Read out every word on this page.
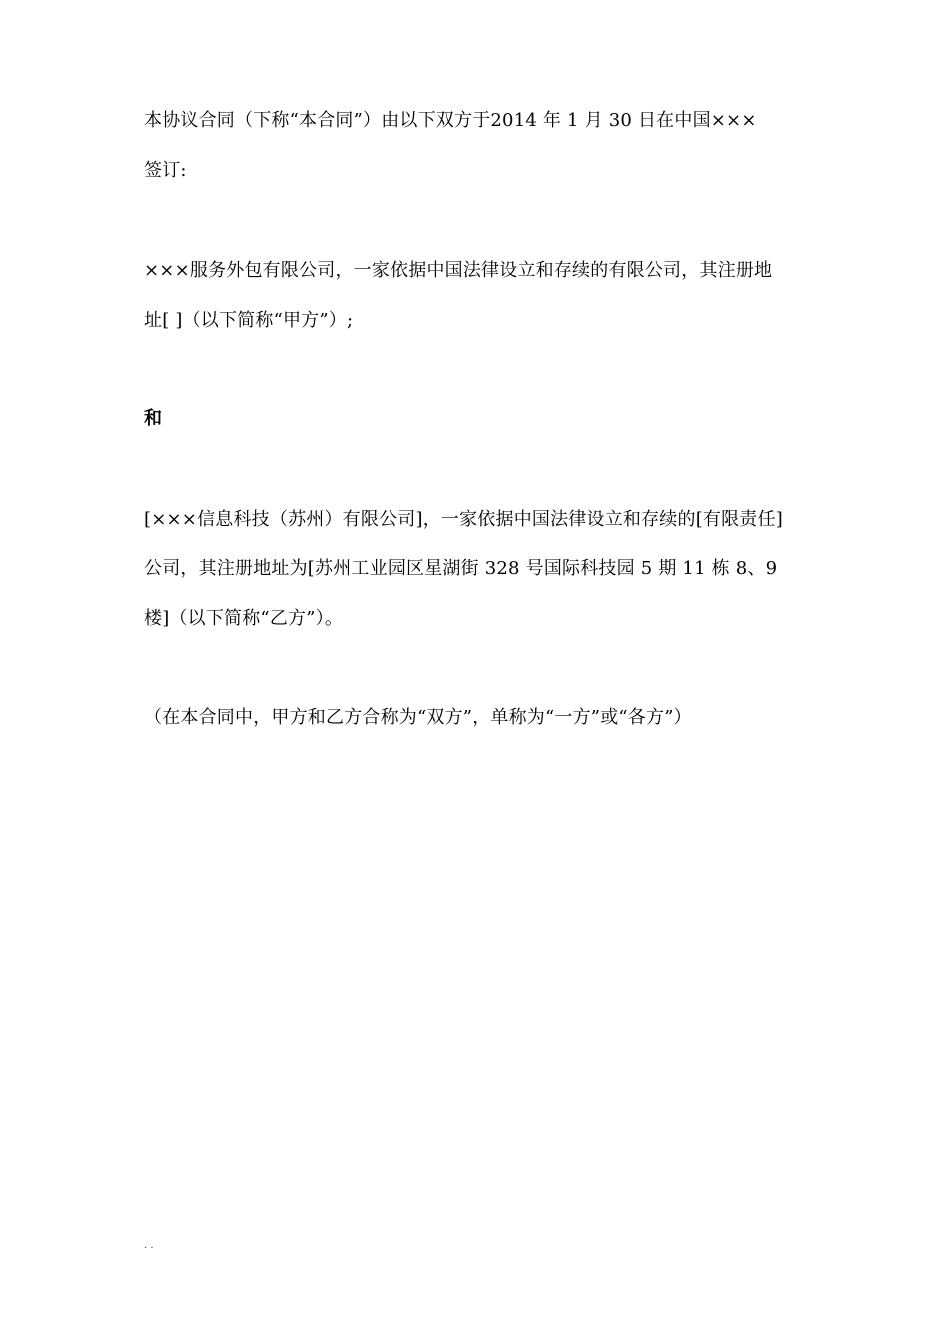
本协议合同（下称“本合同”）由以下双方于2014 年 1 月 30 日在中国×××
签订:
×××服务外包有限公司，一家依据中国法律设立和存续的有限公司，其注册地
址[ ]（以下简称“甲方”）;
和
[×××信息科技（苏州）有限公司]，一家依据中国法律设立和存续的[有限责任]
公司，其注册地址为[苏州工业园区星湖街 328 号国际科技园 5 期 11 栋 8、9
楼]（以下简称“乙方”）。
（在本合同中，甲方和乙方合称为“双方”，单称为“一方”或“各方”）
. .
